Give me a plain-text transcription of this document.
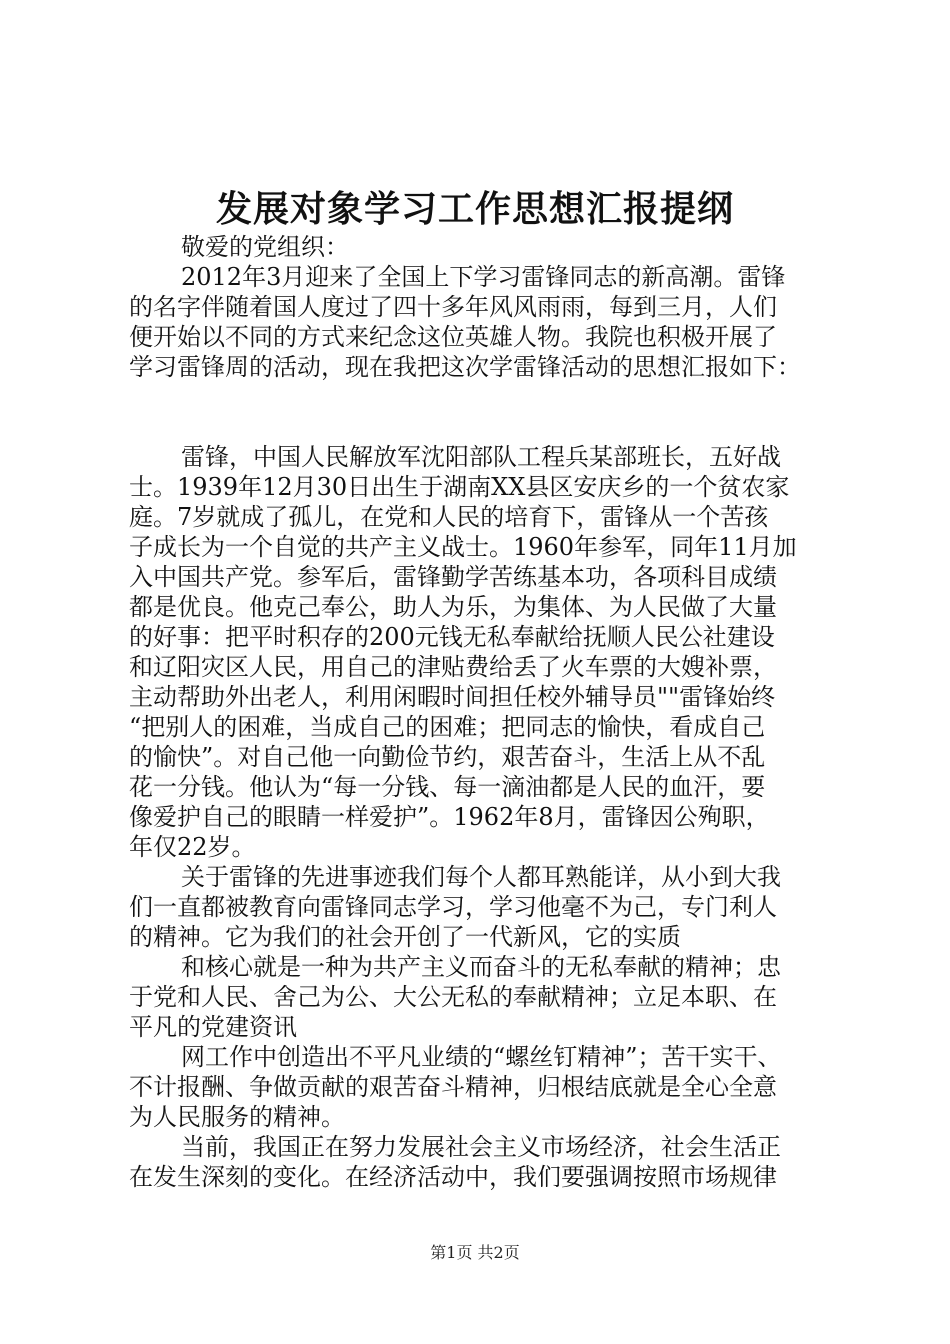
发展对象学习工作思想汇报提纲
敬爱的党组织：
2012年3月迎来了全国上下学习雷锋同志的新高潮。雷锋
的名字伴随着国人度过了四十多年风风雨雨，每到三月，人们
便开始以不同的方式来纪念这位英雄人物。我院也积极开展了
学习雷锋周的活动，现在我把这次学雷锋活动的思想汇报如下：
雷锋，中国人民解放军沈阳部队工程兵某部班长，五好战
士。1939年12月30日出生于湖南XX县区安庆乡的一个贫农家
庭。7岁就成了孤儿，在党和人民的培育下，雷锋从一个苦孩
子成长为一个自觉的共产主义战士。1960年参军，同年11月加
入中国共产党。参军后，雷锋勤学苦练基本功，各项科目成绩
都是优良。他克己奉公，助人为乐，为集体、为人民做了大量
的好事：把平时积存的200元钱无私奉献给抚顺人民公社建设
和辽阳灾区人民，用自己的津贴费给丢了火车票的大嫂补票，
主动帮助外出老人，利用闲暇时间担任校外辅导员""雷锋始终
“把别人的困难，当成自己的困难；把同志的愉快，看成自己
的愉快”。对自己他一向勤俭节约，艰苦奋斗，生活上从不乱
花一分钱。他认为“每一分钱、每一滴油都是人民的血汗，要
像爱护自己的眼睛一样爱护”。1962年8月，雷锋因公殉职，
年仅22岁。
关于雷锋的先进事迹我们每个人都耳熟能详，从小到大我
们一直都被教育向雷锋同志学习，学习他毫不为己，专门利人
的精神。它为我们的社会开创了一代新风，它的实质
和核心就是一种为共产主义而奋斗的无私奉献的精神；忠
于党和人民、舍己为公、大公无私的奉献精神；立足本职、在
平凡的党建资讯
网工作中创造出不平凡业绩的“螺丝钉精神”；苦干实干、
不计报酬、争做贡献的艰苦奋斗精神，归根结底就是全心全意
为人民服务的精神。
当前，我国正在努力发展社会主义市场经济，社会生活正
在发生深刻的变化。在经济活动中，我们要强调按照市场规律
第1页 共2页
